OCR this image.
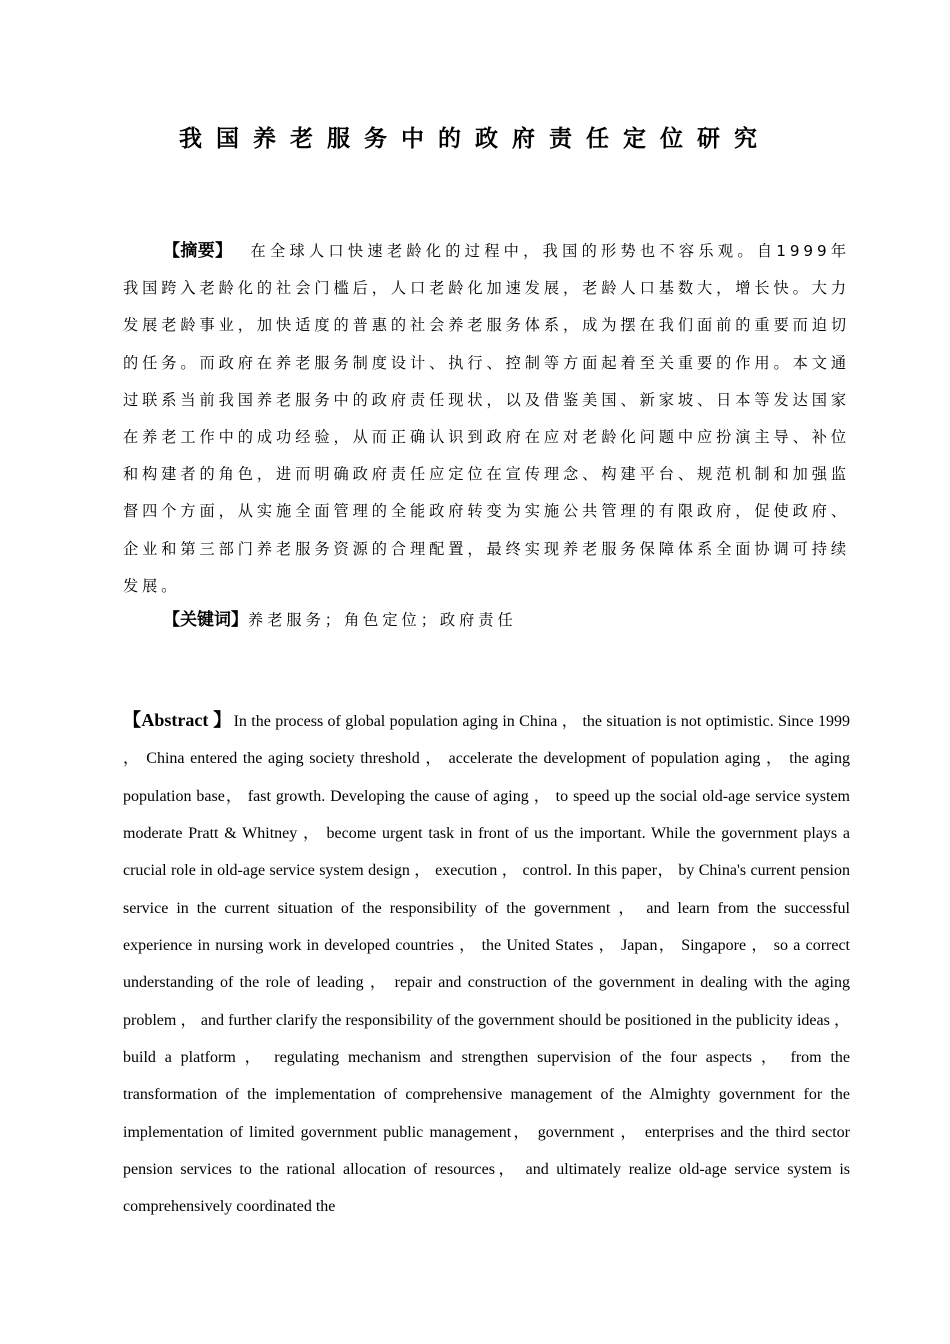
我国养老服务中的政府责任定位研究

【摘要】 在全球人口快速老龄化的过程中，我国的形势也不容乐观。自1999年我国跨入老龄化的社会门槛后，人口老龄化加速发展，老龄人口基数大，增长快。大力发展老龄事业，加快适度的普惠的社会养老服务体系，成为摆在我们面前的重要而迫切的任务。而政府在养老服务制度设计、执行、控制等方面起着至关重要的作用。本文通过联系当前我国养老服务中的政府责任现状，以及借鉴美国、新家坡、日本等发达国家在养老工作中的成功经验，从而正确认识到政府在应对老龄化问题中应扮演主导、补位和构建者的角色，进而明确政府责任应定位在宣传理念、构建平台、规范机制和加强监督四个方面，从实施全面管理的全能政府转变为实施公共管理的有限政府，促使政府、企业和第三部门养老服务资源的合理配置，最终实现养老服务保障体系全面协调可持续发展。

【关键词】养老服务；角色定位；政府责任

【Abstract 】 In the process of global population aging in China ， the situation is not optimistic. Since 1999 ， China entered the aging society threshold ， accelerate the development of population aging ， the aging population base， fast growth. Developing the cause of aging ， to speed up the social old-age service system moderate Pratt & Whitney ， become urgent task in front of us the important. While the government plays a crucial role in old-age service system design ， execution ， control. In this paper， by China's current pension service in the current situation of the responsibility of the government ， and learn from the successful experience in nursing work in developed countries ， the United States ， Japan， Singapore ， so a correct understanding of the role of leading ， repair and construction of the government in dealing with the aging problem ， and further clarify the responsibility of the government should be positioned in the publicity ideas ， build a platform ， regulating mechanism and strengthen supervision of the four aspects ， from the transformation of the implementation of comprehensive management of the Almighty government for the implementation of limited government public management， government ， enterprises and the third sector pension services to the rational allocation of resources， and ultimately realize old-age service system is comprehensively coordinated the
